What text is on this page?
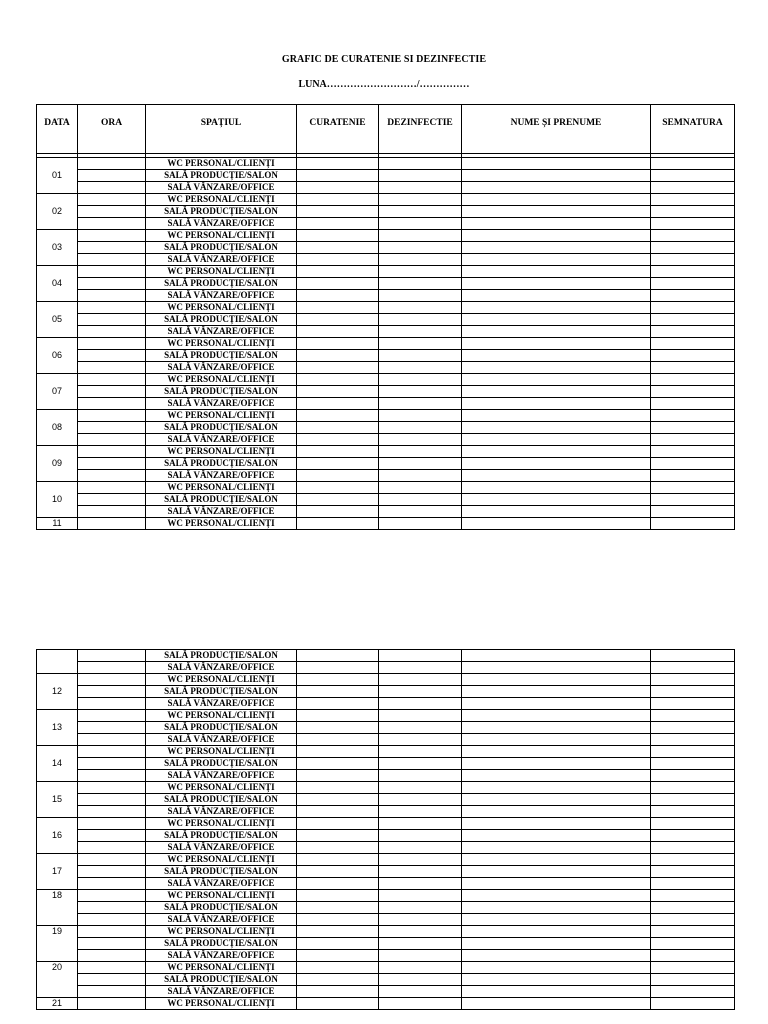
GRAFIC DE CURATENIE SI DEZINFECTIE
LUNA………………………/……………
DATA	ORA	SPAȚIUL	CURATENIE	DEZINFECTIE	NUME ȘI PRENUME	SEMNATURA

01		WC PERSONAL/CLIENȚI				
		SALĂ PRODUCȚIE/SALON				
		SALĂ VÂNZARE/OFFICE				
02		WC PERSONAL/CLIENȚI				
		SALĂ PRODUCȚIE/SALON				
		SALĂ VÂNZARE/OFFICE				
03		WC PERSONAL/CLIENȚI				
		SALĂ PRODUCȚIE/SALON				
		SALĂ VÂNZARE/OFFICE				
04		WC PERSONAL/CLIENȚI				
		SALĂ PRODUCȚIE/SALON				
		SALĂ VÂNZARE/OFFICE				
05		WC PERSONAL/CLIENȚI				
		SALĂ PRODUCȚIE/SALON				
		SALĂ VÂNZARE/OFFICE				
06		WC PERSONAL/CLIENȚI				
		SALĂ PRODUCȚIE/SALON				
		SALĂ VÂNZARE/OFFICE				
07		WC PERSONAL/CLIENȚI				
		SALĂ PRODUCȚIE/SALON				
		SALĂ VÂNZARE/OFFICE				
08		WC PERSONAL/CLIENȚI				
		SALĂ PRODUCȚIE/SALON				
		SALĂ VÂNZARE/OFFICE				
09		WC PERSONAL/CLIENȚI				
		SALĂ PRODUCȚIE/SALON				
		SALĂ VÂNZARE/OFFICE				
10		WC PERSONAL/CLIENȚI				
		SALĂ PRODUCȚIE/SALON				
		SALĂ VÂNZARE/OFFICE				
11		WC PERSONAL/CLIENȚI				
		SALĂ PRODUCȚIE/SALON				
		SALĂ VÂNZARE/OFFICE				
12		WC PERSONAL/CLIENȚI				
		SALĂ PRODUCȚIE/SALON				
		SALĂ VÂNZARE/OFFICE				
13		WC PERSONAL/CLIENȚI				
		SALĂ PRODUCȚIE/SALON				
		SALĂ VÂNZARE/OFFICE				
14		WC PERSONAL/CLIENȚI				
		SALĂ PRODUCȚIE/SALON				
		SALĂ VÂNZARE/OFFICE				
15		WC PERSONAL/CLIENȚI				
		SALĂ PRODUCȚIE/SALON				
		SALĂ VÂNZARE/OFFICE				
16		WC PERSONAL/CLIENȚI				
		SALĂ PRODUCȚIE/SALON				
		SALĂ VÂNZARE/OFFICE				
17		WC PERSONAL/CLIENȚI				
		SALĂ PRODUCȚIE/SALON				
		SALĂ VÂNZARE/OFFICE				
18		WC PERSONAL/CLIENȚI				
		SALĂ PRODUCȚIE/SALON				
		SALĂ VÂNZARE/OFFICE				
19		WC PERSONAL/CLIENȚI				
		SALĂ PRODUCȚIE/SALON				
		SALĂ VÂNZARE/OFFICE				
20		WC PERSONAL/CLIENȚI				
		SALĂ PRODUCȚIE/SALON				
		SALĂ VÂNZARE/OFFICE				
21		WC PERSONAL/CLIENȚI				
